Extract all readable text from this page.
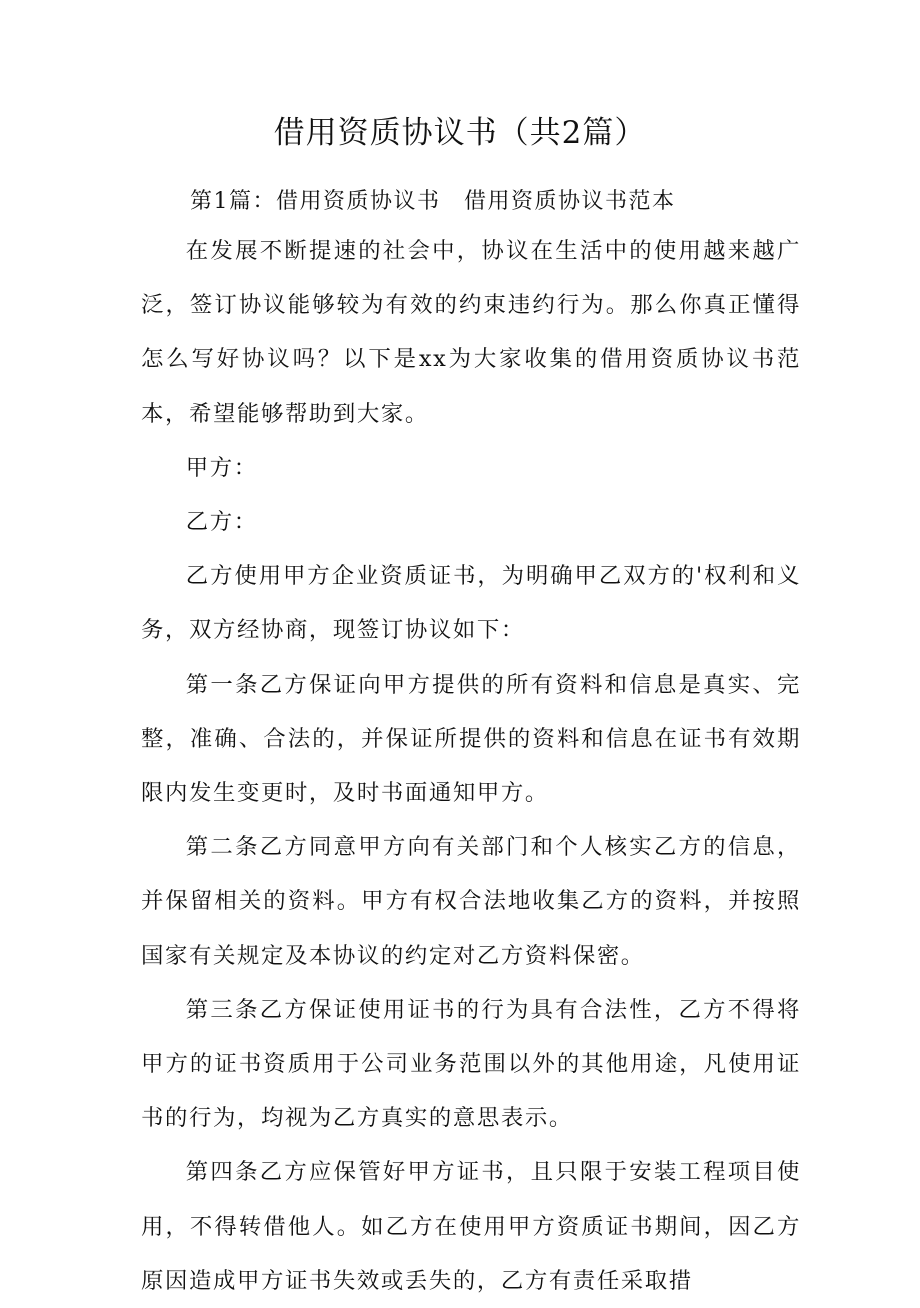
借用资质协议书（共2篇）
第1篇：借用资质协议书　借用资质协议书范本

在发展不断提速的社会中，协议在生活中的使用越来越广泛，签订协议能够较为有效的约束违约行为。那么你真正懂得怎么写好协议吗？以下是xx为大家收集的借用资质协议书范本，希望能够帮助到大家。

甲方：

乙方：

乙方使用甲方企业资质证书，为明确甲乙双方的'权利和义务，双方经协商，现签订协议如下：

第一条乙方保证向甲方提供的所有资料和信息是真实、完整，准确、合法的，并保证所提供的资料和信息在证书有效期限内发生变更时，及时书面通知甲方。

第二条乙方同意甲方向有关部门和个人核实乙方的信息，并保留相关的资料。甲方有权合法地收集乙方的资料，并按照国家有关规定及本协议的约定对乙方资料保密。

第三条乙方保证使用证书的行为具有合法性，乙方不得将甲方的证书资质用于公司业务范围以外的其他用途，凡使用证书的行为，均视为乙方真实的意思表示。

第四条乙方应保管好甲方证书，且只限于安装工程项目使用，不得转借他人。如乙方在使用甲方资质证书期间，因乙方原因造成甲方证书失效或丢失的，乙方有责任采取措
